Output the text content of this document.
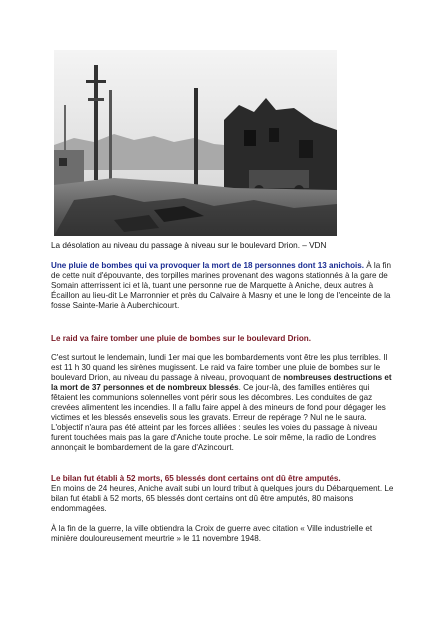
La désolation au niveau du passage à niveau sur le boulevard Drion. – VDN
Une pluie de bombes qui va provoquer la mort de 18 personnes dont 13 anichois. À la fin de cette nuit d'épouvante, des torpilles marines provenant des wagons stationnés à la gare de Somain atterrissent ici et là, tuant une personne rue de Marquette à Aniche, deux autres à Écaillon au lieu-dit Le Marronnier et près du Calvaire à Masny et une le long de l'enceinte de la fosse Sainte-Marie à Auberchicourt.
Le raid va faire tomber une pluie de bombes sur le boulevard Drion.
C'est surtout le lendemain, lundi 1er mai que les bombardements vont être les plus terribles. Il est 11 h 30 quand les sirènes mugissent. Le raid va faire tomber une pluie de bombes sur le boulevard Drion, au niveau du passage à niveau, provoquant de nombreuses destructions et la mort de 37 personnes et de nombreux blessés. Ce jour-là, des familles entières qui fêtaient les communions solennelles vont périr sous les décombres. Les conduites de gaz crevées alimentent les incendies. Il a fallu faire appel à des mineurs de fond pour dégager les victimes et les blessés ensevelis sous les gravats. Erreur de repérage ? Nul ne le saura. L'objectif n'aura pas été atteint par les forces alliées : seules les voies du passage à niveau furent touchées mais pas la gare d'Aniche toute proche. Le soir même, la radio de Londres annonçait le bombardement de la gare d'Azincourt.
Le bilan fut établi à 52 morts, 65 blessés dont certains ont dû être amputés.
En moins de 24 heures, Aniche avait subi un lourd tribut à quelques jours du Débarquement. Le bilan fut établi à 52 morts, 65 blessés dont certains ont dû être amputés, 80 maisons endommagées.
À la fin de la guerre, la ville obtiendra la Croix de guerre avec citation « Ville industrielle et minière douloureusement meurtrie » le 11 novembre 1948.
